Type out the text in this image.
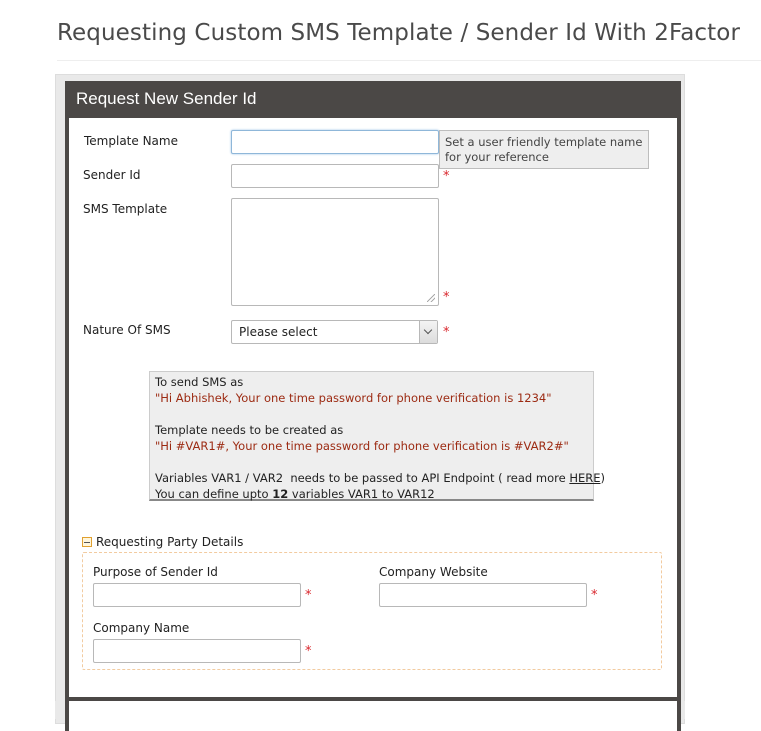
Requesting Custom SMS Template / Sender Id With 2Factor
Request New Sender Id
Template Name	Set a user friendly template name for your reference
Sender Id	*
SMS Template
*
Nature Of SMS	Please select	*
To send SMS as
"Hi Abhishek, Your one time password for phone verification is 1234"
Template needs to be created as
"Hi #VAR1#, Your one time password for phone verification is #VAR2#"
Variables VAR1 / VAR2  needs to be passed to API Endpoint ( read more HERE)
You can define upto 12 variables VAR1 to VAR12
Requesting Party Details
Purpose of Sender Id
*
Company Website
*
Company Name
*
